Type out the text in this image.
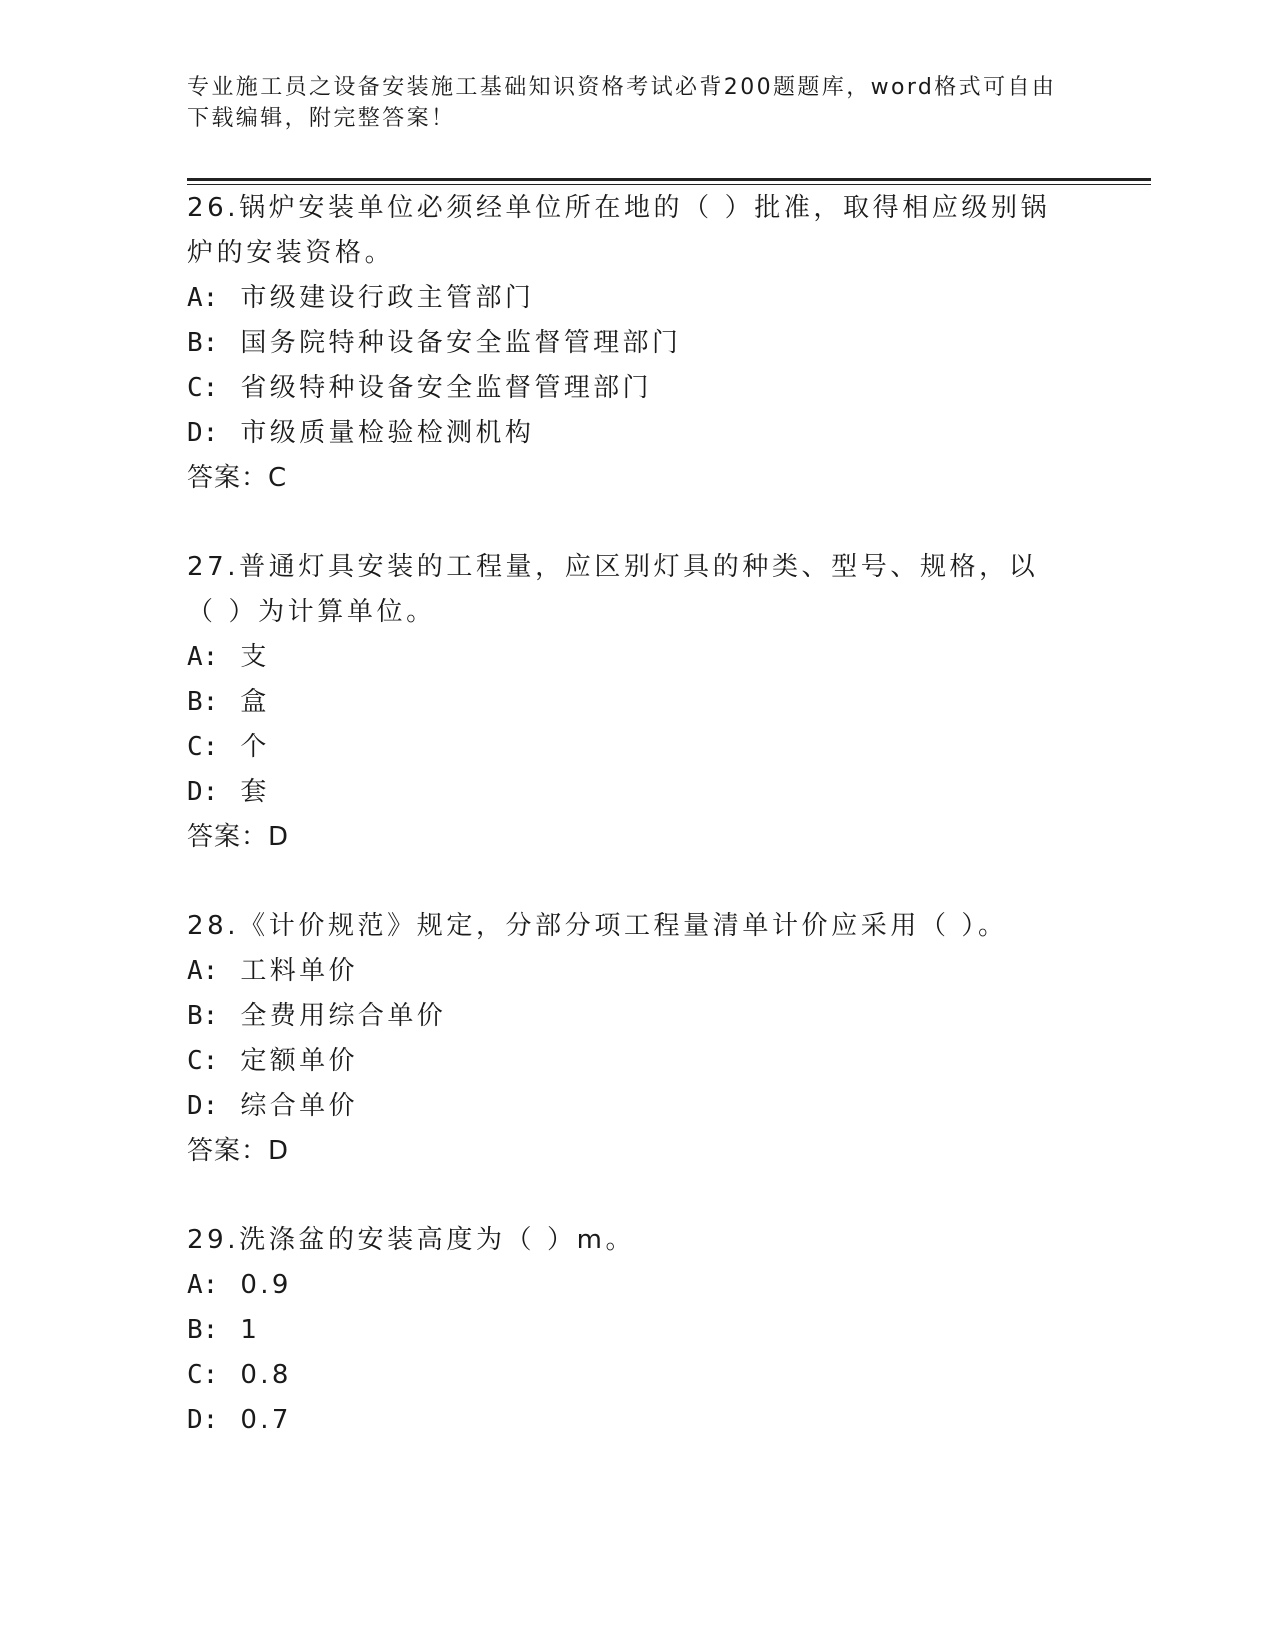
专业施工员之设备安装施工基础知识资格考试必背200题题库，word格式可自由下载编辑，附完整答案！
26.锅炉安装单位必须经单位所在地的（ ）批准，取得相应级别锅炉的安装资格。
A: 市级建设行政主管部门
B: 国务院特种设备安全监督管理部门
C: 省级特种设备安全监督管理部门
D: 市级质量检验检测机构
答案：C
27.普通灯具安装的工程量，应区别灯具的种类、型号、规格，以（ ）为计算单位。
A: 支
B: 盒
C: 个
D: 套
答案：D
28.《计价规范》规定，分部分项工程量清单计价应采用（ ）。
A: 工料单价
B: 全费用综合单价
C: 定额单价
D: 综合单价
答案：D
29.洗涤盆的安装高度为（ ）m。
A: 0.9
B: 1
C: 0.8
D: 0.7
